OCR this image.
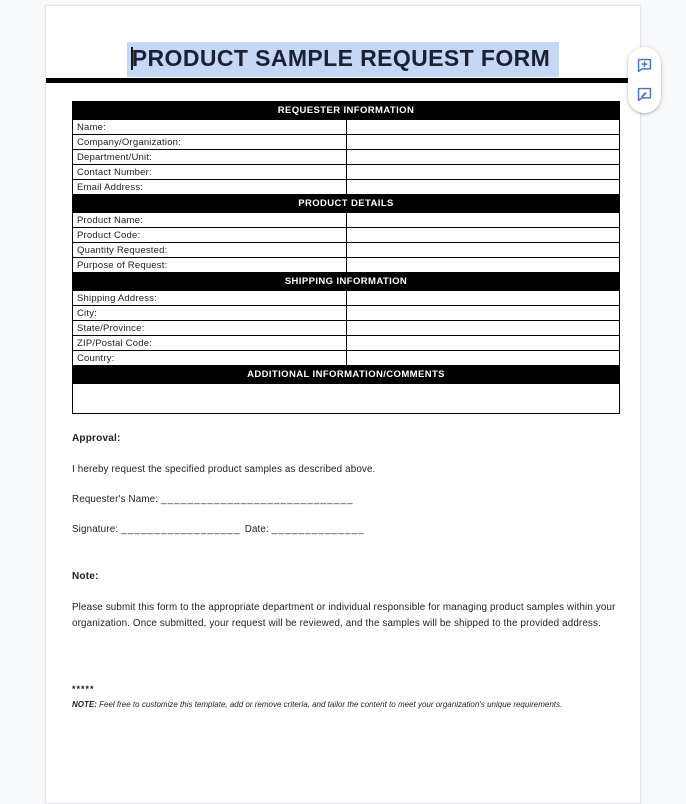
PRODUCT SAMPLE REQUEST FORM
REQUESTER INFORMATION	
Name:	
Company/Organization:	
Department/Unit:	
Contact Number:	
Email Address:	
PRODUCT DETAILS	
Product Name:	
Product Code:	
Quantity Requested:	
Purpose of Request:	
SHIPPING INFORMATION	
Shipping Address:	
City:	
State/Province:	
ZIP/Postal Code:	
Country:	
ADDITIONAL INFORMATION/COMMENTS	

Approval:

I hereby request the specified product samples as described above.

Requester's Name: _____________________________

Signature: __________________ Date: ______________

Note:

Please submit this form to the appropriate department or individual responsible for managing product samples within your organization. Once submitted, your request will be reviewed, and the samples will be shipped to the provided address.

*****

NOTE: Feel free to customize this template, add or remove criteria, and tailor the content to meet your organization's unique requirements.
